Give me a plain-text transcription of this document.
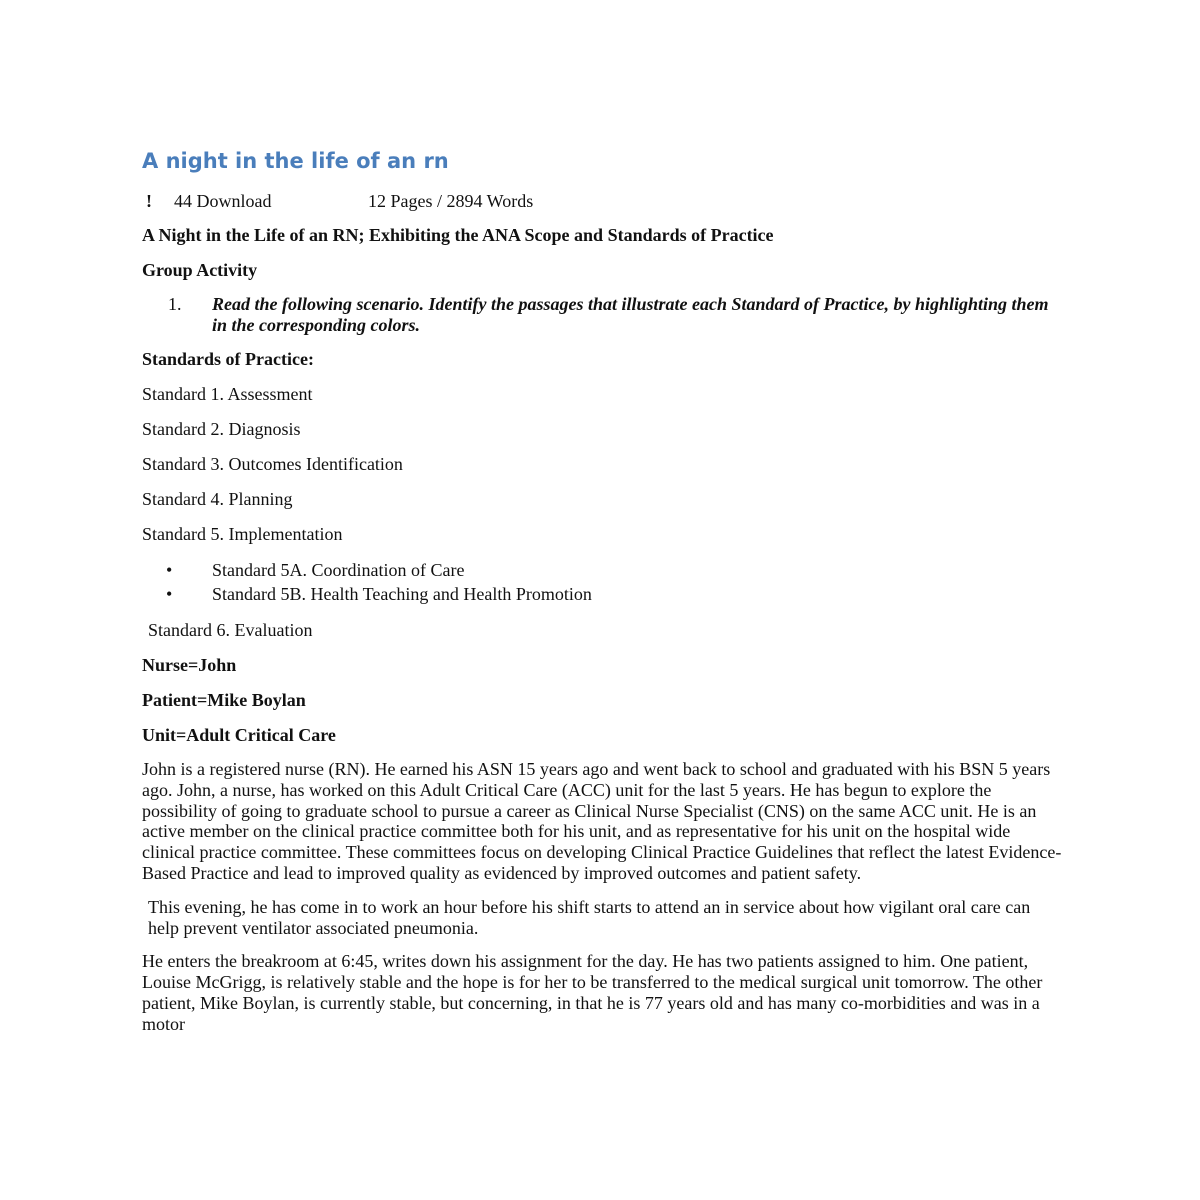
A night in the life of an rn
! 44 Download	12 Pages / 2894 Words

A Night in the Life of an RN; Exhibiting the ANA Scope and Standards of Practice

Group Activity

1.	Read the following scenario. Identify the passages that illustrate each Standard of Practice, by highlighting them in the corresponding colors.

Standards of Practice:

Standard 1. Assessment

Standard 2. Diagnosis

Standard 3. Outcomes Identification

Standard 4. Planning

Standard 5. Implementation

•	Standard 5A. Coordination of Care
•	Standard 5B. Health Teaching and Health Promotion

Standard 6. Evaluation

Nurse=John

Patient=Mike Boylan

Unit=Adult Critical Care

John is a registered nurse (RN). He earned his ASN 15 years ago and went back to school and graduated with his BSN 5 years ago. John, a nurse, has worked on this Adult Critical Care (ACC) unit for the last 5 years. He has begun to explore the possibility of going to graduate school to pursue a career as Clinical Nurse Specialist (CNS) on the same ACC unit. He is an active member on the clinical practice committee both for his unit, and as representative for his unit on the hospital wide clinical practice committee. These committees focus on developing Clinical Practice Guidelines that reflect the latest Evidence-Based Practice and lead to improved quality as evidenced by improved outcomes and patient safety.

This evening, he has come in to work an hour before his shift starts to attend an in service about how vigilant oral care can help prevent ventilator associated pneumonia.

He enters the breakroom at 6:45, writes down his assignment for the day. He has two patients assigned to him. One patient, Louise McGrigg, is relatively stable and the hope is for her to be transferred to the medical surgical unit tomorrow. The other patient, Mike Boylan, is currently stable, but concerning, in that he is 77 years old and has many co-morbidities and was in a motor
